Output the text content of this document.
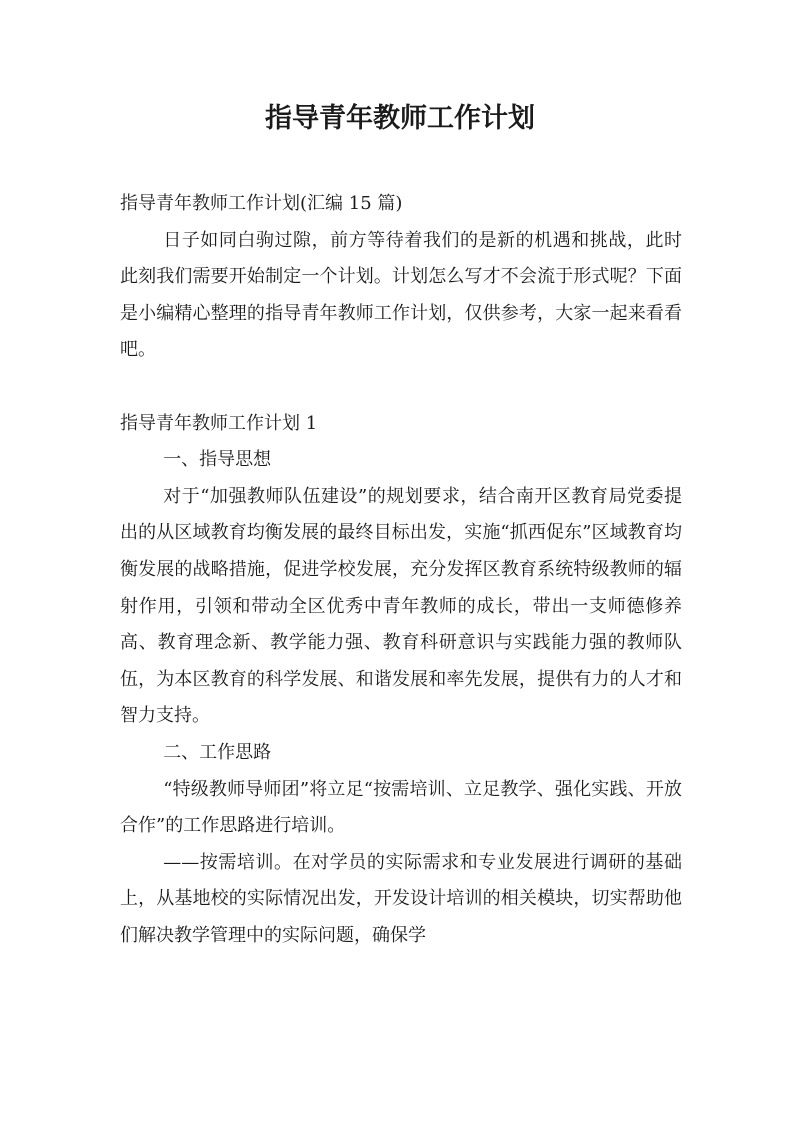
指导青年教师工作计划

指导青年教师工作计划(汇编 15 篇)

日子如同白驹过隙，前方等待着我们的是新的机遇和挑战，此时此刻我们需要开始制定一个计划。计划怎么写才不会流于形式呢？下面是小编精心整理的指导青年教师工作计划，仅供参考，大家一起来看看吧。

指导青年教师工作计划 1

一、指导思想

对于“加强教师队伍建设”的规划要求，结合南开区教育局党委提出的从区域教育均衡发展的最终目标出发，实施“抓西促东”区域教育均衡发展的战略措施，促进学校发展，充分发挥区教育系统特级教师的辐射作用，引领和带动全区优秀中青年教师的成长，带出一支师德修养高、教育理念新、教学能力强、教育科研意识与实践能力强的教师队伍，为本区教育的科学发展、和谐发展和率先发展，提供有力的人才和智力支持。

二、工作思路

“特级教师导师团”将立足“按需培训、立足教学、强化实践、开放合作”的工作思路进行培训。

——按需培训。在对学员的实际需求和专业发展进行调研的基础上，从基地校的实际情况出发，开发设计培训的相关模块，切实帮助他们解决教学管理中的实际问题，确保学
